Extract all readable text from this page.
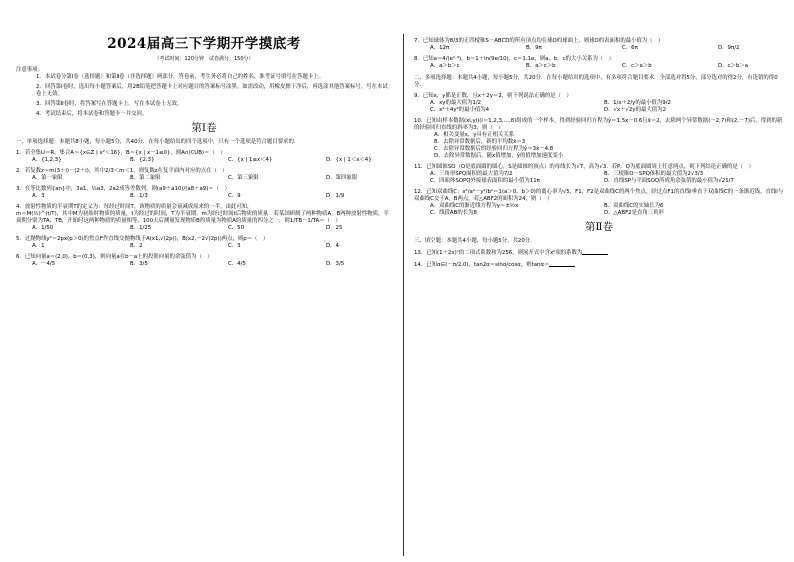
2024届高三下学期开学摸底考
（考试时间：120分钟　试卷满分：150分）
注意事项：
1．本试卷分第Ⅰ卷（选择题）和第Ⅱ卷（非选择题）两部分。答卷前，考生务必将自己的姓名、准考证号填写在答题卡上。
2．回答第Ⅰ卷时，选出每小题答案后，用2B铅笔把答题卡上对应题目的答案标号涂黑。如需改动，用橡皮擦干净后，再选涂其他答案标号。写在本试卷上无效。
3．回答第Ⅱ卷时，将答案写在答题卡上。写在本试卷上无效。
4．考试结束后，将本试卷和答题卡一并交回。
第Ⅰ卷
一、单项选择题：本题共8小题，每小题5分，共40分．在每小题给出的四个选项中，只有一个选项是符合题目要求的．
1．若全集U＝R，集合A＝{x∈Z | x²＜16}，B＝{x | x－1≤0}，则A∩(∁UB)＝（　）
A．{1,2,3}	B．{2,3}	C．{x | 1≤x＜4}	D．{x | 1＜x＜4}
2．若复数z＝m(3＋i)－(2＋i)，其中2/3＜m＜1，则复数z在复平面内对应的点在（　）
A．第一象限	B．第二象限	C．第三象限	D．第四象限
3．在等比数列{an}中，3a1，½a3，2a2成等差数列，则(a9＋a10)/(a8＋a9)＝（　）
A．3	B．1/3	C．9	D．1/9
4．放射性物质的半衰期T的定义为：每经过时间T，该物质的质量会衰减成原来的一半，由此可知，
m＝M(½)^(t/T)，其中M为初始时物质的质量，t为经过的时间，T为半衰期，m为经过时间t后物质的质量．若某国研制了两种物质A，B两种放射性物质，半衰期分别为TA，TB，开始时这两种物质的质量相等，100天后测量发现物质B的质量为物质A的质量的四分之一，则1/TB－1/TA＝（　）
A．1/50	B．1/25	C．50	D．25
5．过抛物线y²＝2px(p＞0)的焦点F作直线交抛物线于A(x1,√(2p))，B(x2,－2√(2p))两点，则p＝（　）
A．1	B．2	C．3	D．4
6．已知向量a＝(2,0)，b＝(0,3)，则向量a在b－a上的投影向量的余弦值为（　）
A．－4/5	B．3/5	C．4/5	D．3/5
7．已知球体为8/3的正四棱锥S－ABCD的所有顶点均在球O的球面上，则球O的表面积的最小值为（　）
A．12π	B．9π	C．6π	D．9π/2
8．已知a＝4/(e⁰·⁹)，b＝1＋ln(9e/10)，c＝1.1e，则a，b，c的大小关系为（　）
A．a＞b＞c	B．a＞c＞b	C．c＞a＞b	D．c＞b＞a
二、多项选择题：本题共4小题，每小题5分，共20分．在每小题给出的选项中，有多项符合题目要求．全部选对得5分，部分选对的得2分，有选错的得0分．
9．已知x，y都是正数，且x＋2y＝2，则下列说法正确的是（　）
A．xy的最大值为1/2	B．1/x＋2/y的最小值为9/2
C．x²＋4y²的最小值为4	D．√x＋√2y的最大值为2
10．已知由样本数据(xi,yi)(i＝1,2,3,…,8)组成的一个样本，得到经验回归方程为ŷ＝1.5x－0.6且x̄＝2，去除两个异常数据(－2,7)和(2,－7)后，得到的新的经验回归直线的斜率为3，则（　）
A．相关变量x，y具有正相关关系
B．去除异常数据后，新的平均数x̄＝3
C．去除异常数据后的经验回归方程为ŷ＝3x－4.8
D．去除异常数据后，随x值增加，ŷ的值增加速度变小
11．已知圆锥SO（O是底面圆的圆心，S是圆锥的顶点）的母线长为√7，高为√3．若P、Q为底面圆周上任意两点，则下列结论正确的是（　）
A．三角形SPQ面积的最大值为7/2	B．三棱锥O－SPQ体积的最大值为2√3/3
C．四面体SOPQ外接球表面积的最小值为11π	D．直线SP与平面SOQ所成角余弦值的最小值为√21/7
12．已知双曲线C：x²/a²－y²/b²＝1(a＞0，b＞0)的离心率为√5，F1，F2是双曲线C的两个焦点，经过点F1的直线l垂直于双曲线C的一条渐近线，直线l与双曲线C交于A，B两点，若△ABF2的面积为24，则（　）
A．双曲线C的渐近线方程为y＝±½x	B．双曲线C的实轴长为6
C．线段AB的长为8	D．△ABF2是直角三角形
第Ⅱ卷
三、填空题：本题共4小题，每小题5分，共20分．
13．已知(1＋2x)ⁿ的二项式系数和为256，则展开式中含x²项的系数为
14．已知α∈(－π/2,0)，tan2α＝sinα/cosα，则tanα＝
